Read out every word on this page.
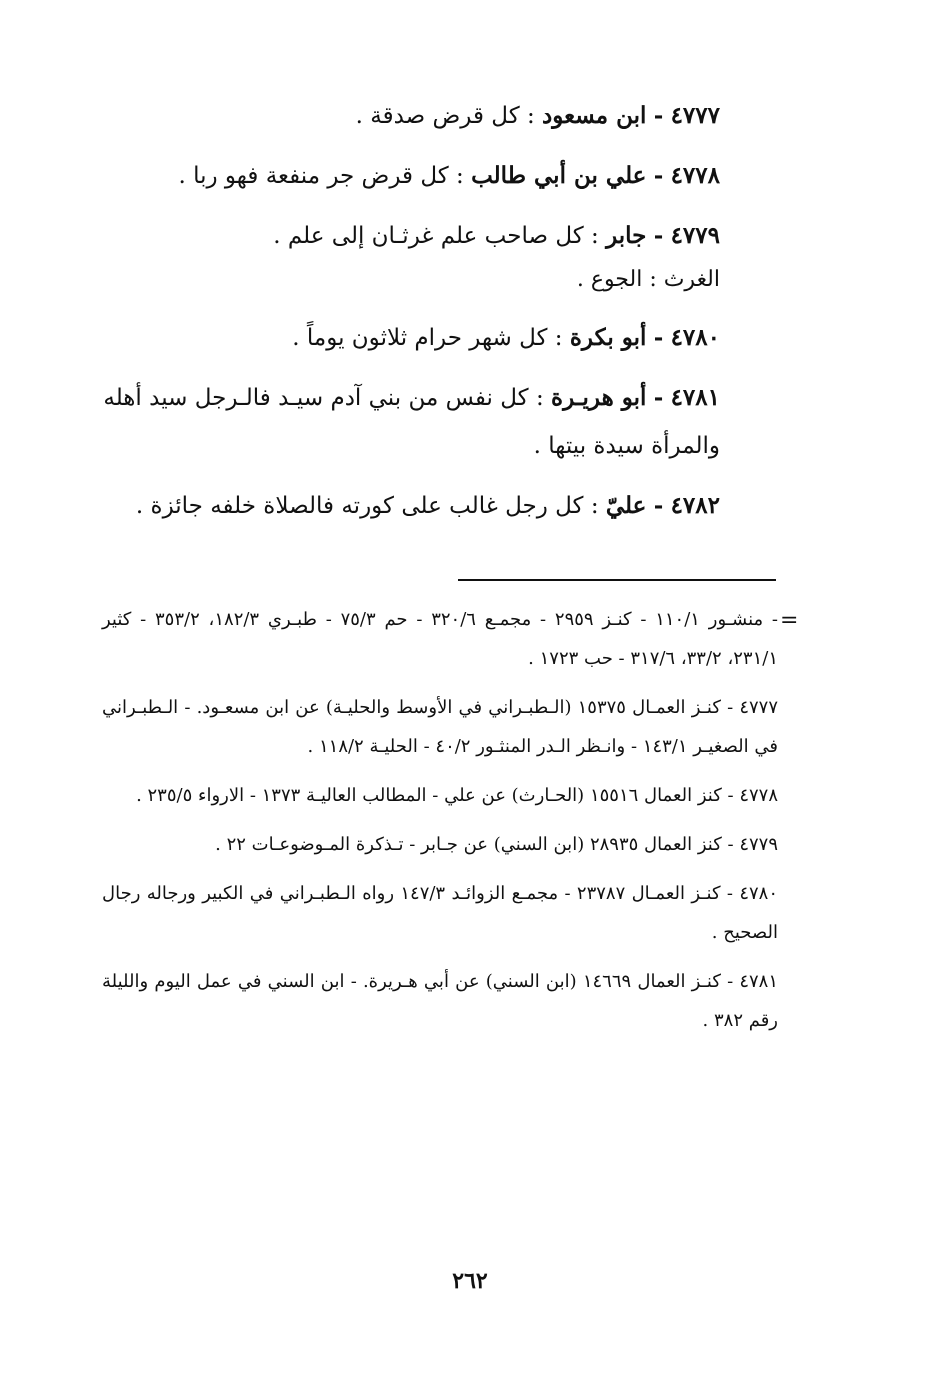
٤٧٧٧ - ابن مسعود : كل قرض صدقة .

٤٧٧٨ - علي بن أبي طالب : كل قرض جر منفعة فهو ربا .

٤٧٧٩ - جابر : كل صاحب علم غرثـان إلى علم .

الغرث : الجوع .

٤٧٨٠ - أبو بكرة : كل شهر حرام ثلاثون يوماً .

٤٧٨١ - أبو هريـرة : كل نفس من بني آدم سيـد فالـرجل سيد أهله والمرأة سيدة بيتها .

٤٧٨٢ - عليّ : كل رجل غالب على كورته فالصلاة خلفه جائزة .

=

- منشـور ١١٠/١ - كنـز ٢٩٥٩ - مجمـع ٣٢٠/٦ - حم ٧٥/٣ - طبـري ١٨٢/٣، ٣٥٣/٢ - كثير ٢٣١/١، ٣٣/٢، ٣١٧/٦ - حب ١٧٢٣ .

٤٧٧٧ - كنـز العمـال ١٥٣٧٥ (الـطبـراني في الأوسط والحليـة) عن ابن مسعـود. - الـطبـراني في الصغيـر ١٤٣/١ - وانـظر الـدر المنثـور ٤٠/٢ - الحليـة ١١٨/٢ .

٤٧٧٨ - كنز العمال ١٥٥١٦ (الحـارث) عن علي - المطالب العاليـة ١٣٧٣ - الارواء ٢٣٥/٥ .

٤٧٧٩ - كنز العمال ٢٨٩٣٥ (ابن السني) عن جـابر - تـذكرة المـوضوعـات ٢٢ .

٤٧٨٠ - كنـز العمـال ٢٣٧٨٧ - مجمـع الزوائـد ١٤٧/٣ رواه الـطبـراني في الكبير ورجاله رجال الصحيح .

٤٧٨١ - كنـز العمال ١٤٦٦٩ (ابن السني) عن أبي هـريرة. - ابن السني في عمل اليوم والليلة رقم ٣٨٢ .

٢٦٢
